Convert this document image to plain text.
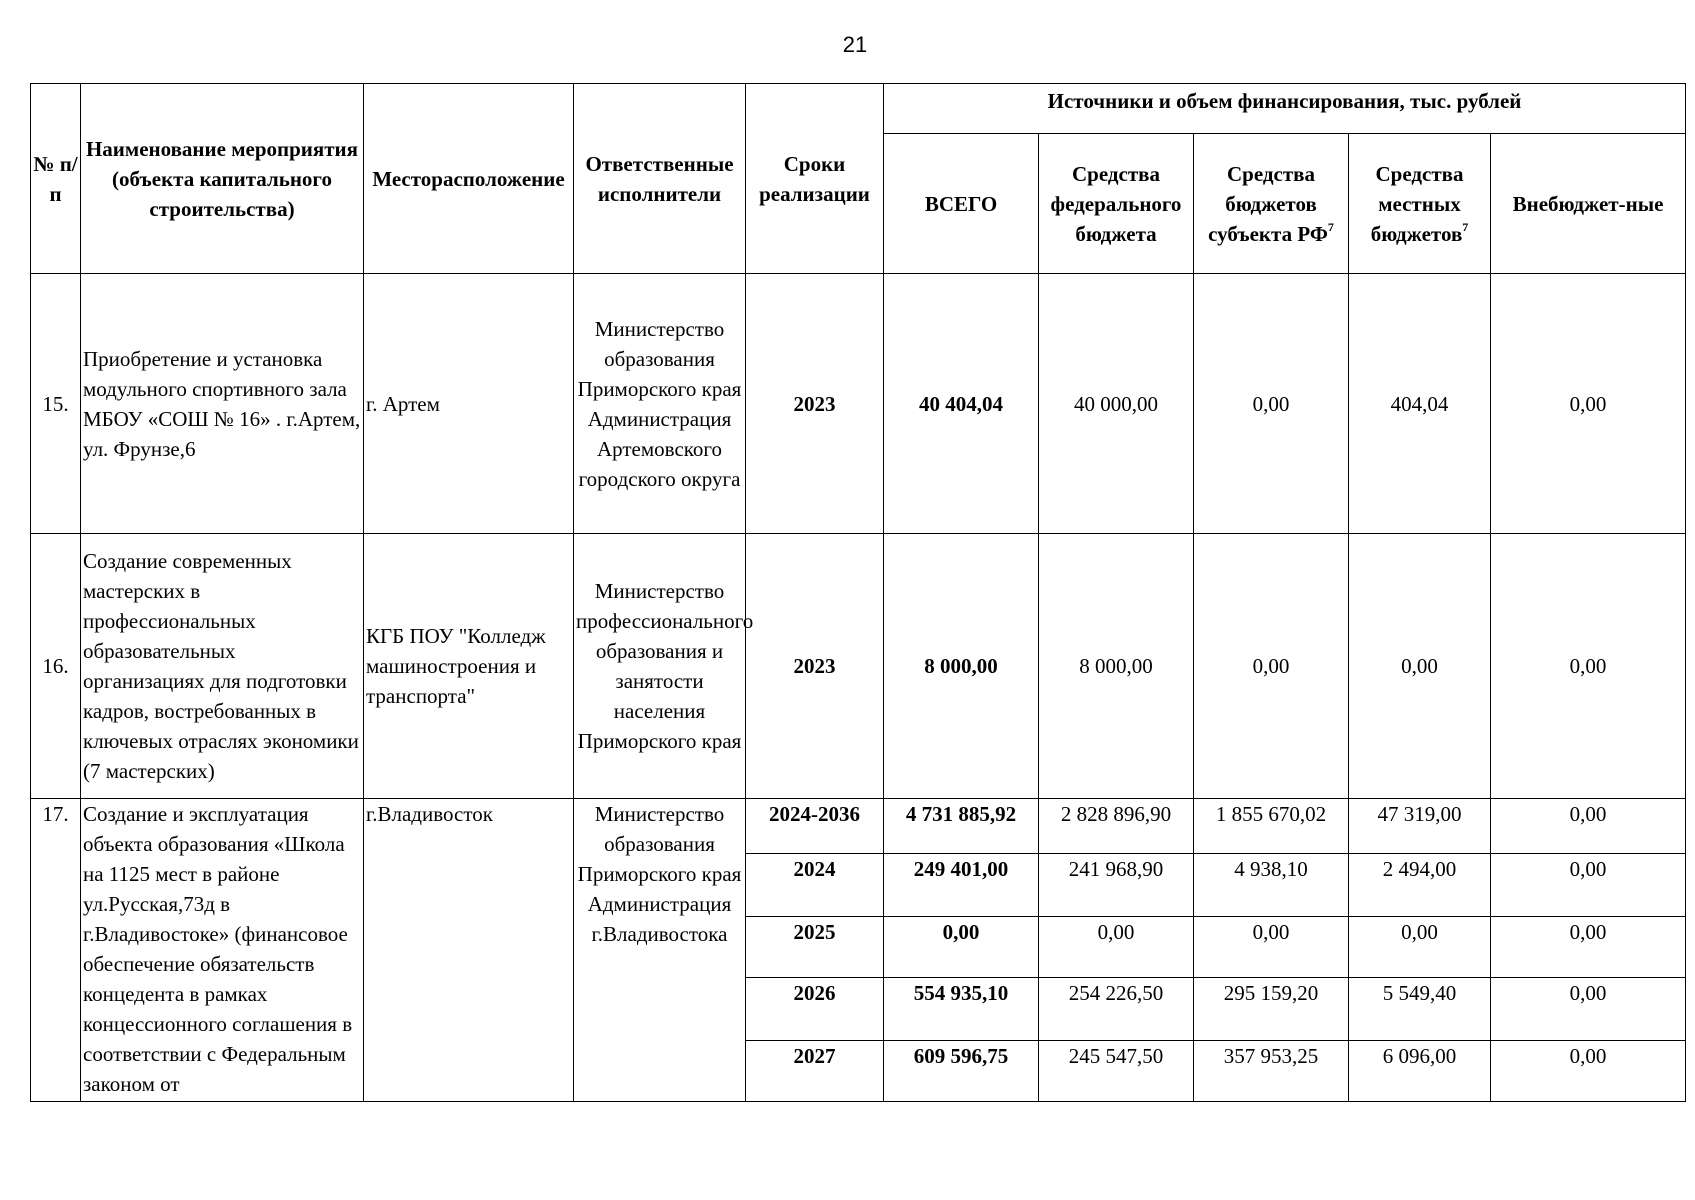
21
№ п/п	Наименование мероприятия (объекта капитального строительства)	Месторасположение	Ответственные исполнители	Сроки реализации	Источники и объем финансирования, тыс. рублей				
					ВСЕГО	Средства федерального бюджета	Средства бюджетов субъекта $РФ^7$	Средства местных бюджетов$^7$	Внебюджет-ные
15.	Приобретение и установка модульного спортивного зала МБОУ «СОШ № 16» . г.Артем, ул. Фрунзе,6	г. Артем	Министерство образования Приморского края Администрация Артемовского городского округа	2023	40 404,04	40 000,00	0,00	404,04	0,00
16.	Создание современных мастерских в профессиональных образовательных организациях для подготовки кадров, востребованных в ключевых отраслях экономики (7 мастерских)	КГБ ПОУ "Колледж машиностроения и транспорта"	Министерство профессионального образования и занятости населения Приморского края	2023	8 000,00	8 000,00	0,00	0,00	0,00
17.	Создание и эксплуатация объекта образования «Школа на 1125 мест в районе ул.Русская,73д в г.Владивостоке» (финансовое обеспечение обязательств концедента в рамках концессионного соглашения в соответствии с Федеральным законом от	г.Владивосток	Министерство образования Приморского края Администрация г.Владивостока	2024-2036	4 731 885,92	2 828 896,90	1 855 670,02	47 319,00	0,00
				2024	249 401,00	241 968,90	4 938,10	2 494,00	0,00
				2025	0,00	0,00	0,00	0,00	0,00
				2026	554 935,10	254 226,50	295 159,20	5 549,40	0,00
				2027	609 596,75	245 547,50	357 953,25	6 096,00	0,00
